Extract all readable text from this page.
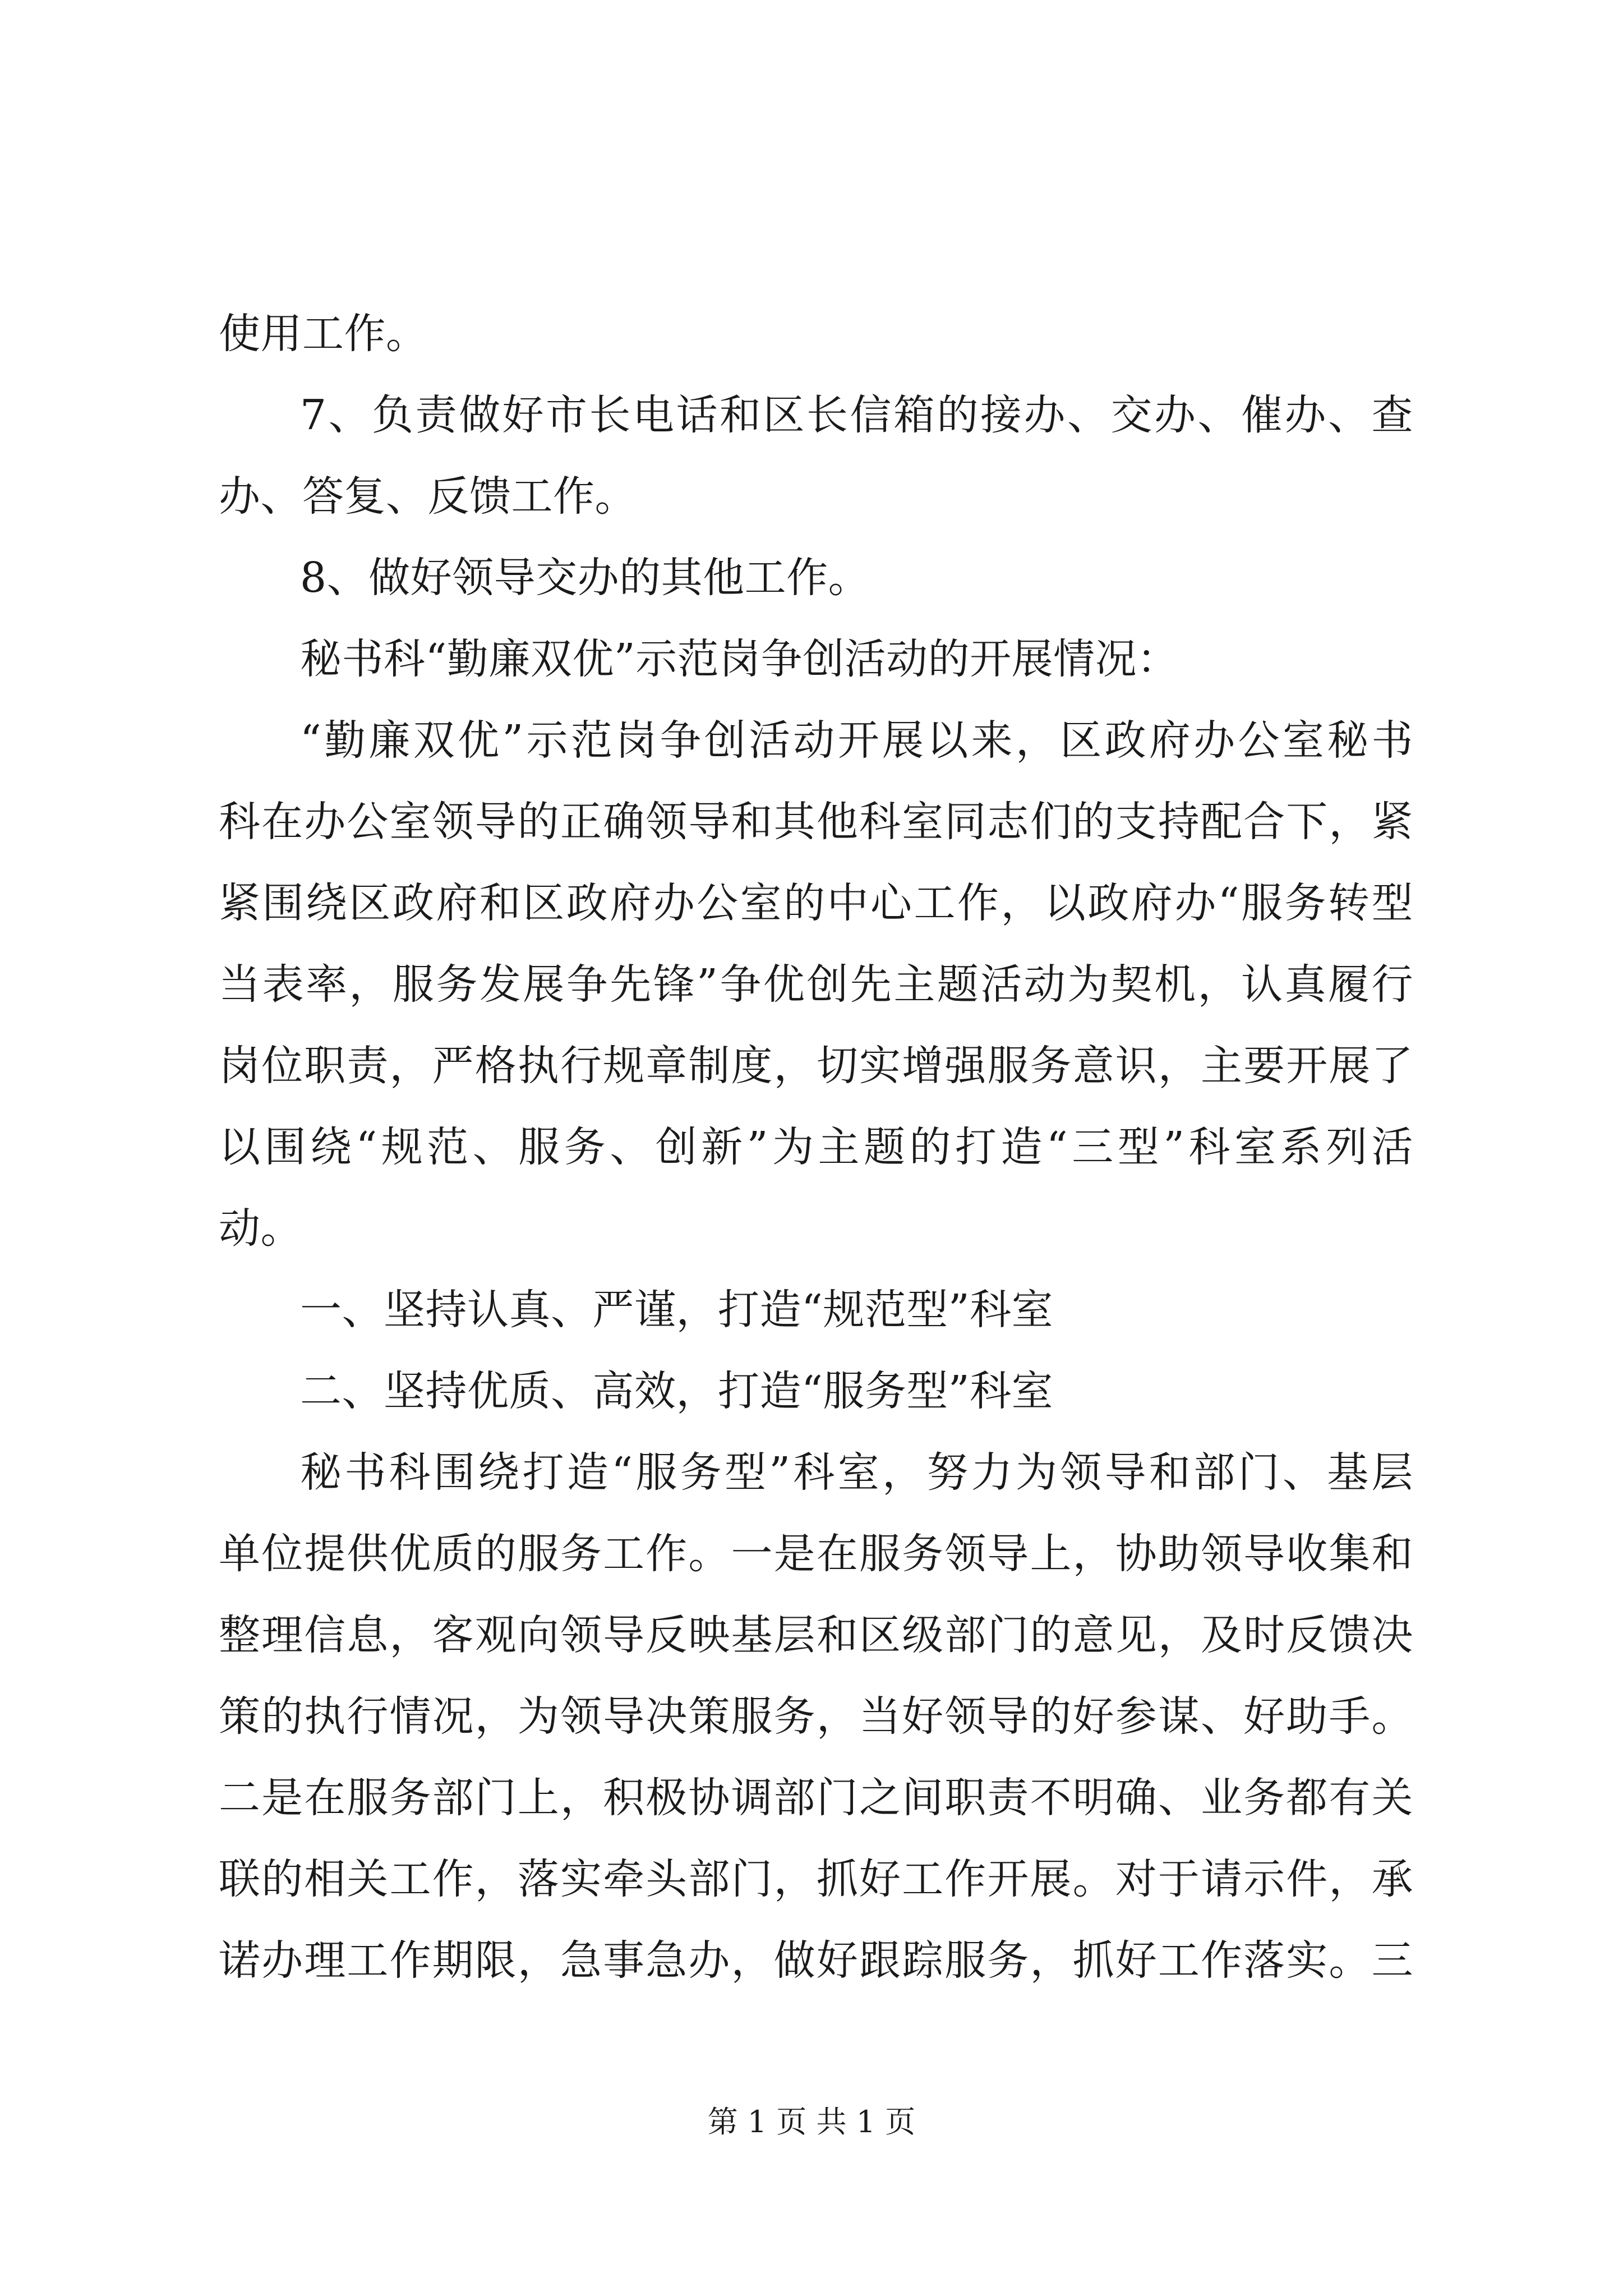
使用工作。
7、负责做好市长电话和区长信箱的接办、交办、催办、查
办、答复、反馈工作。
8、做好领导交办的其他工作。
秘书科“勤廉双优”示范岗争创活动的开展情况：
“勤廉双优”示范岗争创活动开展以来，区政府办公室秘书
科在办公室领导的正确领导和其他科室同志们的支持配合下，紧
紧围绕区政府和区政府办公室的中心工作，以政府办“服务转型
当表率，服务发展争先锋”争优创先主题活动为契机，认真履行
岗位职责，严格执行规章制度，切实增强服务意识，主要开展了
以围绕“规范、服务、创新”为主题的打造“三型”科室系列活
动。
一、坚持认真、严谨，打造“规范型”科室
二、坚持优质、高效，打造“服务型”科室
秘书科围绕打造“服务型”科室，努力为领导和部门、基层
单位提供优质的服务工作。一是在服务领导上，协助领导收集和
整理信息，客观向领导反映基层和区级部门的意见，及时反馈决
策的执行情况，为领导决策服务，当好领导的好参谋、好助手。
二是在服务部门上，积极协调部门之间职责不明确、业务都有关
联的相关工作，落实牵头部门，抓好工作开展。对于请示件，承
诺办理工作期限，急事急办，做好跟踪服务，抓好工作落实。三
第 1 页 共 1 页
